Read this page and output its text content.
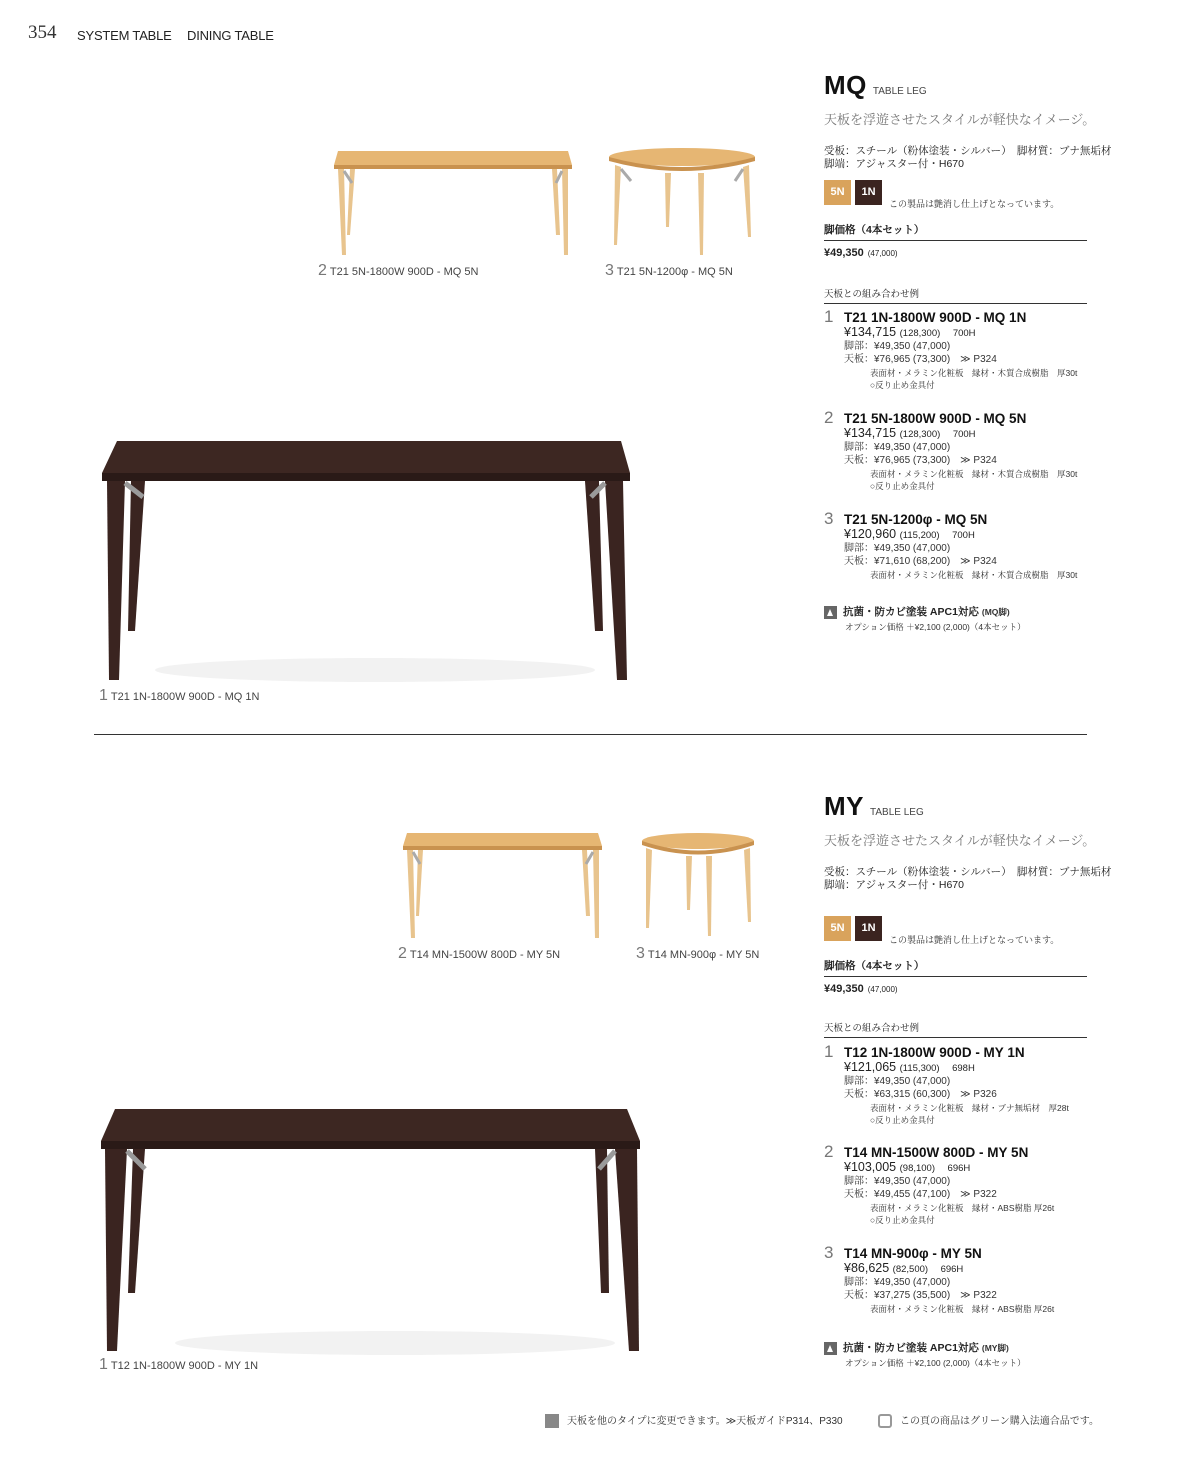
354 SYSTEM TABLE DINING TABLE
2 T21 5N-1800W 900D - MQ 5N	3 T21 5N-1200φ - MQ 5N
1 T21 1N-1800W 900D - MQ 1N
MQ TABLE LEG
天板を浮遊させたスタイルが軽快なイメージ。
受板：スチール（粉体塗装・シルバー）　脚材質：ブナ無垢材
脚端：アジャスター付・H670
5N	1N
この製品は艶消し仕上げとなっています。
脚価格（4本セット）
¥49,350 (47,000)
天板との組み合わせ例
1 T21 1N-1800W 900D - MQ 1N
¥134,715 (128,300)　 700H
脚部：¥49,350 (47,000)
天板：¥76,965 (73,300)　≫ P324
表面材・メラミン化粧板　縁材・木質合成樹脂　厚30t
○反り止め金具付
2 T21 5N-1800W 900D - MQ 5N
¥134,715 (128,300)　 700H
脚部：¥49,350 (47,000)
天板：¥76,965 (73,300)　≫ P324
表面材・メラミン化粧板　縁材・木質合成樹脂　厚30t
○反り止め金具付
3 T21 5N-1200φ - MQ 5N
¥120,960 (115,200)　 700H
脚部：¥49,350 (47,000)
天板：¥71,610 (68,200)　≫ P324
表面材・メラミン化粧板　縁材・木質合成樹脂　厚30t
抗菌・防カビ塗装 APC1対応 (MQ脚)
オプション価格 ＋¥2,100 (2,000)（4本セット）
2 T14 MN-1500W 800D - MY 5N	3 T14 MN-900φ - MY 5N
1 T12 1N-1800W 900D - MY 1N
MY TABLE LEG
天板を浮遊させたスタイルが軽快なイメージ。
受板：スチール（粉体塗装・シルバー）　脚材質：ブナ無垢材
脚端：アジャスター付・H670
5N	1N
この製品は艶消し仕上げとなっています。
脚価格（4本セット）
¥49,350 (47,000)
天板との組み合わせ例
1 T12 1N-1800W 900D - MY 1N
¥121,065 (115,300)　 698H
脚部：¥49,350 (47,000)
天板：¥63,315 (60,300)　≫ P326
表面材・メラミン化粧板　縁材・ブナ無垢材　厚28t
○反り止め金具付
2 T14 MN-1500W 800D - MY 5N
¥103,005 (98,100)　 696H
脚部：¥49,350 (47,000)
天板：¥49,455 (47,100)　≫ P322
表面材・メラミン化粧板　縁材・ABS樹脂 厚26t
○反り止め金具付
3 T14 MN-900φ - MY 5N
¥86,625 (82,500)　 696H
脚部：¥49,350 (47,000)
天板：¥37,275 (35,500)　≫ P322
表面材・メラミン化粧板　縁材・ABS樹脂 厚26t
抗菌・防カビ塗装 APC1対応 (MY脚)
オプション価格 ＋¥2,100 (2,000)（4本セット）
天板を他のタイプに変更できます。≫天板ガイドP314、P330	この頁の商品はグリーン購入法適合品です。
